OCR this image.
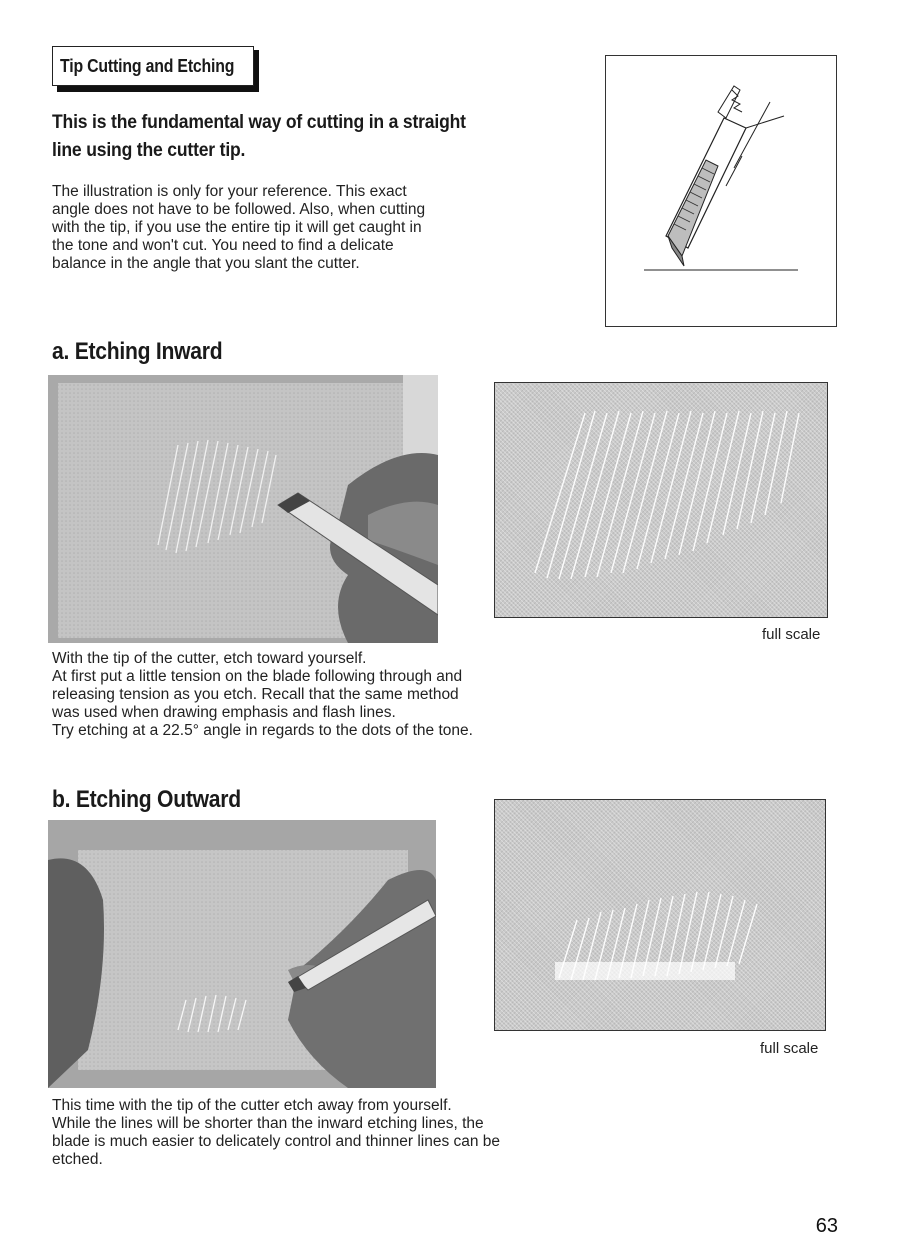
Tip Cutting and Etching
This is the fundamental way of cutting in a straight line using the cutter tip.
The illustration is only for your reference. This exact angle does not have to be followed. Also, when cutting with the tip, if you use the entire tip it will get caught in the tone and won't cut. You need to find a delicate balance in the angle that you slant the cutter.
a. Etching Inward
full scale
With the tip of the cutter, etch toward yourself.
At first put a little tension on the blade following through and
releasing tension as you etch. Recall that the same method
was used when drawing emphasis and flash lines.
Try etching at a 22.5° angle in regards to the dots of the tone.
b. Etching Outward
full scale
This time with the tip of the cutter etch away from yourself.
While the lines will be shorter than the inward etching lines, the
blade is much easier to delicately control and thinner lines can be
etched.
63
